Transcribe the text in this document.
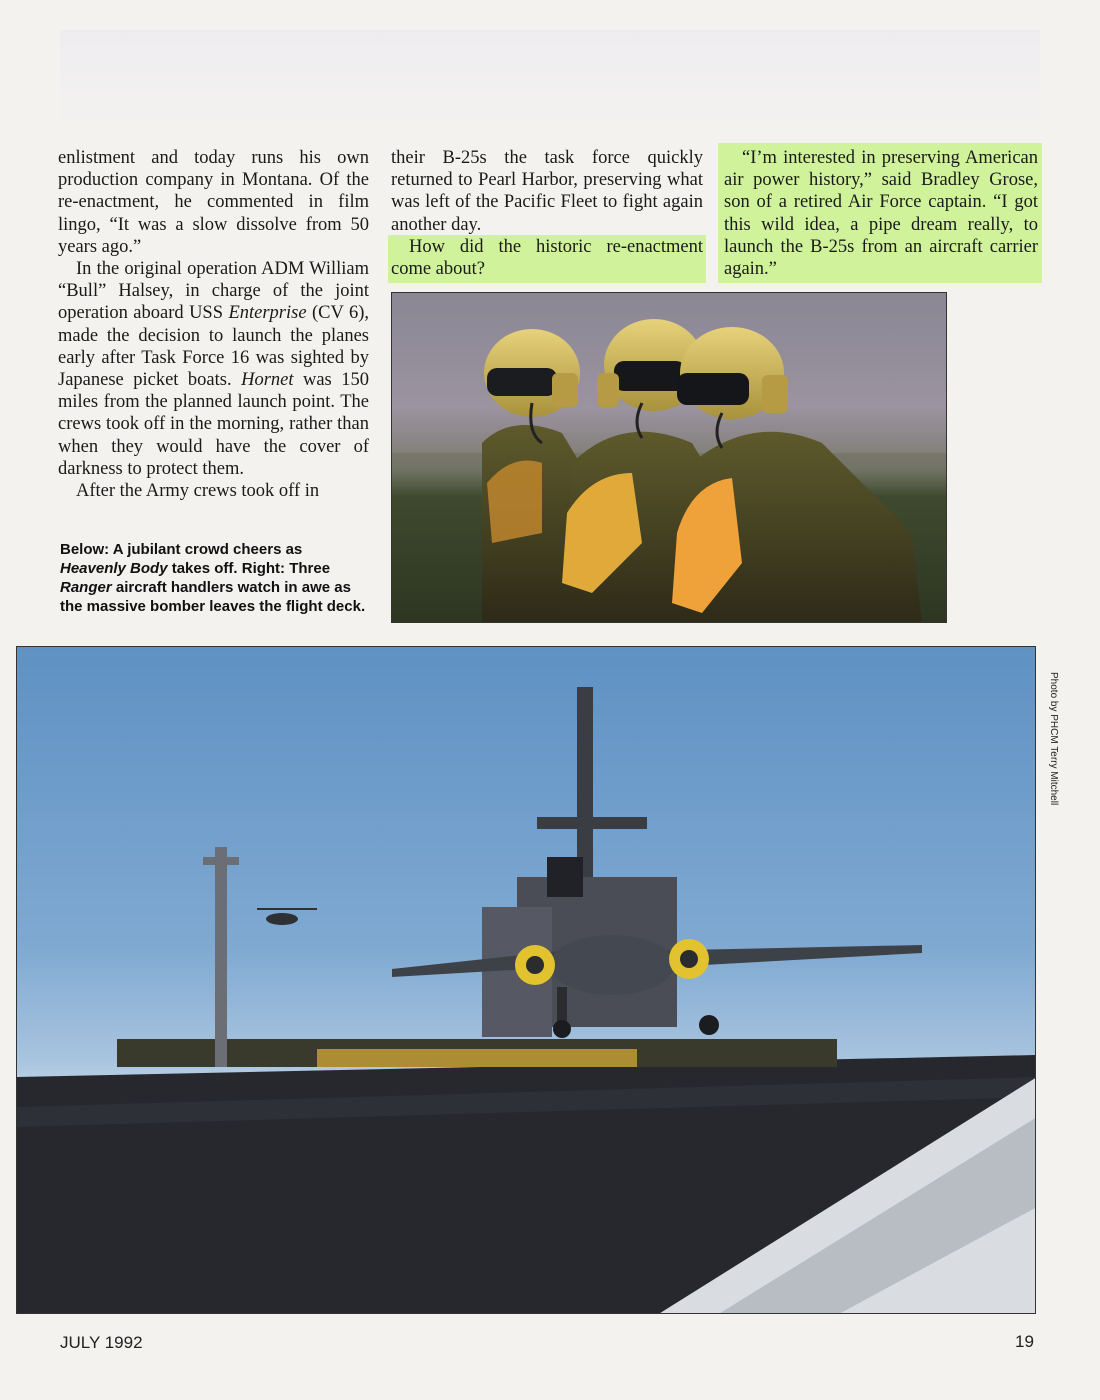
enlistment and today runs his own production company in Montana. Of the re-enactment, he commented in film lingo, “It was a slow dissolve from 50 years ago.”

In the original operation ADM William “Bull” Halsey, in charge of the joint operation aboard USS Enterprise (CV 6), made the decision to launch the planes early after Task Force 16 was sighted by Japanese picket boats. Hornet was 150 miles from the planned launch point. The crews took off in the morning, rather than when they would have the cover of darkness to protect them.

After the Army crews took off in

their B-25s the task force quickly returned to Pearl Harbor, preserving what was left of the Pacific Fleet to fight again another day.

How did the historic re-enactment come about?

“I’m interested in preserving American air power history,” said Bradley Grose, son of a retired Air Force captain. “I got this wild idea, a pipe dream really, to launch the B-25s from an aircraft carrier again.”

Below: A jubilant crowd cheers as Heavenly Body takes off. Right: Three Ranger aircraft handlers watch in awe as the massive bomber leaves the flight deck.
Photo by PHCM Terry Mitchell
JULY 1992	19
